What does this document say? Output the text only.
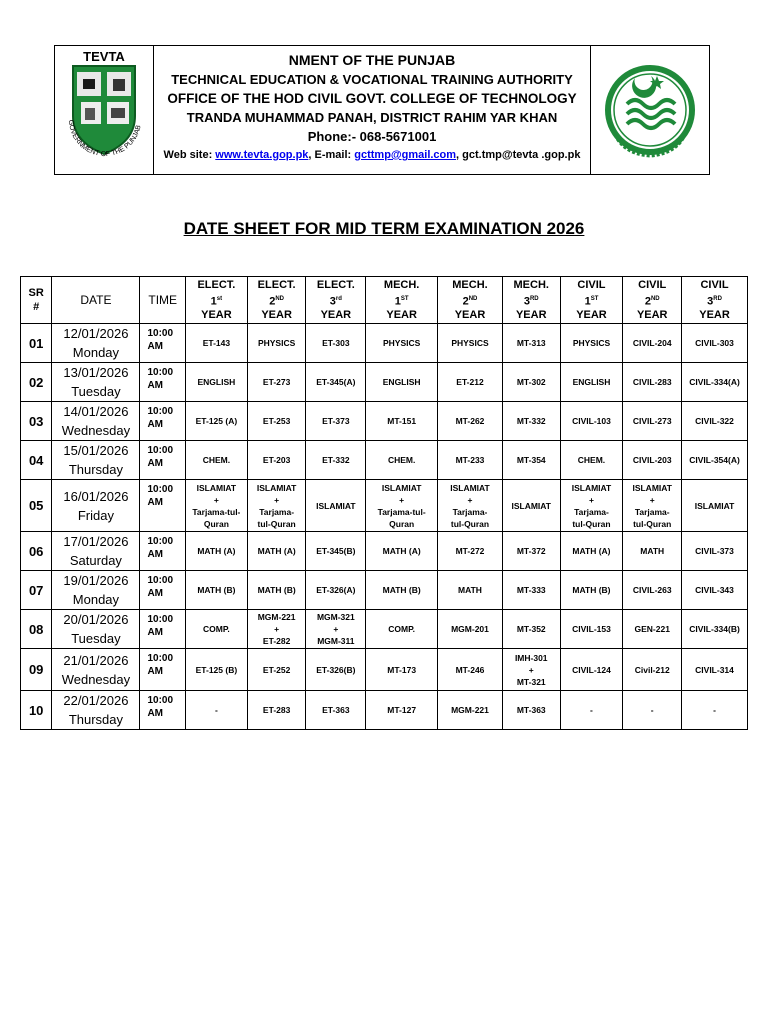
TEVTA
GOVERNMENT OF THE PUNJAB
NMENT OF THE PUNJAB
TECHNICAL EDUCATION & VOCATIONAL TRAINING AUTHORITY
OFFICE OF THE HOD CIVIL GOVT. COLLEGE OF TECHNOLOGY
TRANDA MUHAMMAD PANAH, DISTRICT RAHIM YAR KHAN
Phone:- 068-5671001
Web site: www.tevta.gop.pk, E-mail: gcttmp@gmail.com, gct.tmp@tevta .gop.pk
DATE SHEET FOR MID TERM EXAMINATION 2026
SR
#	DATE	TIME	ELECT.
1st
YEAR	ELECT.
2ND
YEAR	ELECT.
3rd
YEAR	MECH.
1ST
YEAR	MECH.
2ND
YEAR	MECH.
3RD
YEAR	CIVIL
1ST
YEAR	CIVIL
2ND
YEAR	CIVIL
3RD
YEAR
01	12/01/2026
Monday	10:00
AM	ET-143	PHYSICS	ET-303	PHYSICS	PHYSICS	MT-313	PHYSICS	CIVIL-204	CIVIL-303
02	13/01/2026
Tuesday	10:00
AM	ENGLISH	ET-273	ET-345(A)	ENGLISH	ET-212	MT-302	ENGLISH	CIVIL-283	CIVIL-334(A)
03	14/01/2026
Wednesday	10:00
AM	ET-125 (A)	ET-253	ET-373	MT-151	MT-262	MT-332	CIVIL-103	CIVIL-273	CIVIL-322
04	15/01/2026
Thursday	10:00
AM	CHEM.	ET-203	ET-332	CHEM.	MT-233	MT-354	CHEM.	CIVIL-203	CIVIL-354(A)
05	16/01/2026
Friday	10:00
AM	ISLAMIAT
+
Tarjama-tul-
Quran	ISLAMIAT
+
Tarjama-
tul-Quran	ISLAMIAT	ISLAMIAT
+
Tarjama-tul-
Quran	ISLAMIAT
+
Tarjama-
tul-Quran	ISLAMIAT	ISLAMIAT
+
Tarjama-
tul-Quran	ISLAMIAT
+
Tarjama-
tul-Quran	ISLAMIAT
06	17/01/2026
Saturday	10:00
AM	MATH (A)	MATH (A)	ET-345(B)	MATH (A)	MT-272	MT-372	MATH (A)	MATH	CIVIL-373
07	19/01/2026
Monday	10:00
AM	MATH (B)	MATH (B)	ET-326(A)	MATH (B)	MATH	MT-333	MATH (B)	CIVIL-263	CIVIL-343
08	20/01/2026
Tuesday	10:00
AM	COMP.	MGM-221
+
ET-282	MGM-321
+
MGM-311	COMP.	MGM-201	MT-352	CIVIL-153	GEN-221	CIVIL-334(B)
09	21/01/2026
Wednesday	10:00
AM	ET-125 (B)	ET-252	ET-326(B)	MT-173	MT-246	IMH-301
+
MT-321	CIVIL-124	Civil-212	CIVIL-314
10	22/01/2026
Thursday	10:00
AM	-	ET-283	ET-363	MT-127	MGM-221	MT-363	-	-	-
